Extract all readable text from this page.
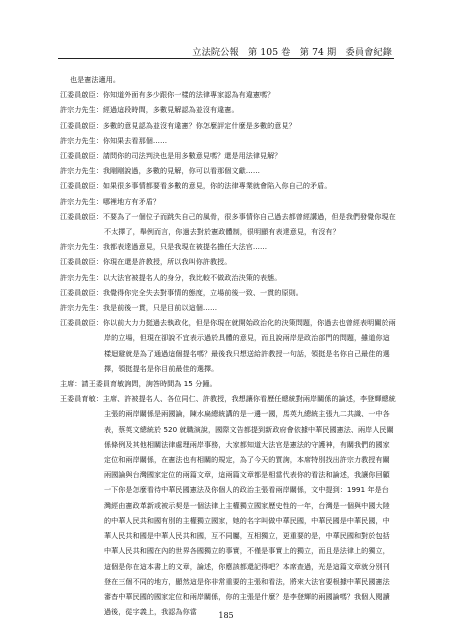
立法院公報　第 105 卷　第 74 期　委員會紀錄

也是憲法適用。

江委員啟臣：你知道外面有多少跟你一樣的法律專家認為有違憲嗎？

許宗力先生：經過這段時間，多數見解認為並沒有違憲。

江委員啟臣：多數的意見認為並沒有違憲？你怎麼評定什麼是多數的意見？

許宗力先生：你知果去看那個……

江委員啟臣：請問你的司法判決也是用多數意見嗎？還是用法律見解？

許宗力先生：我剛剛說過，多數的見解，你可以看那個文獻……

江委員啟臣：如果很多事情都要看多數的意見，你的法律專業就會陷入你自己的矛盾。

許宗力先生：哪裡地方有矛盾？

江委員啟臣：不要為了一個位子而跳失自己的風骨，很多事情你自己過去都曾經講過，但是我們發覺你現在不太擇了，舉例而言，你過去對於憲政體制，很明顯有表達意見，有沒有？

許宗力先生：我都表達過意見，只是我現在被提名擔任大法官……

江委員啟臣：你現在還是許教授，所以我叫你許教授。

許宗力先生：以大法官被提名人的身分，我比較不做政治決策的表態。

江委員啟臣：我覺得你完全失去對事情的態度，立場前後一致、一貫的原則。

許宗力先生：我是前後一貫，只是目前以這個……

江委員啟臣：你以前大力力挺過去執政化，但是你現在就開始政治化的決策問題，你過去也曾經表明關於兩岸的立場，但現在卻說不宜表示過於具體的意見，而且說兩岸是政治部門的問題，雖道你這樣迴避就是為了通過這個提名嗎？最後我只想送給許教授一句話，領挺是名你自己最佳的選擇，領挺提名是你目前最佳的選擇。

主席：請王委員育敏詢問，詢答時間為 15 分鐘。

王委員育敏：主席、許被提名人、各位同仁、許教授，我想讓你看歷任總統對兩岸關係的論述，李登輝總統主張的兩岸關係是兩國論，陳水扁總統講的是一邊一國，馬英九總統主張九二共識、一中各表，蔡英文總統於 520 就職演說，國際文告都提到新政府會依據中華民國憲法、兩岸人民關係條例及其他相關法律處理兩岸事務，大家都知道大法官是憲法的守護神，有關我們的國家定位和兩岸關係，在憲法也有相關的規定，為了今天的質詢，本席特別找出許宗力教授有關兩國論與台灣國家定位的兩篇文章，這兩篇文章都是相當代表你的看法和論述，我讓你回顧一下你是怎麼看待中華民國憲法及你個人的政治主張看兩岸關係，文中提到：1991 年是台灣經由憲政革新或被示契是一個法律上主權獨立國家歷史性的一年，台灣是一個與中國大陸的中華人民共和國有別的主權獨立國家，她的名字叫做中華民國，中華民國是中華民國，中華人民共和國是中華人民共和國，互不同屬，互相獨立，更重要的是，中華民國和對於包括中華人民共和國在內的世界各國獨立的事實，不僅是事實上的獨立，而且是法律上的獨立，這個是你在這本書上的文章，論述，你應該都還記得吧？本席查過，光是這篇文章就分別刊登在三個不同的地方，顯然這是你非常重要的主張和看法，將來大法官要根據中華民國憲法審杳中華民國的國家定位和兩岸關係，你的主張是什麼？是李登輝的兩國論嗎？我個人閱讀過後，從字義上，我認為你當	185
